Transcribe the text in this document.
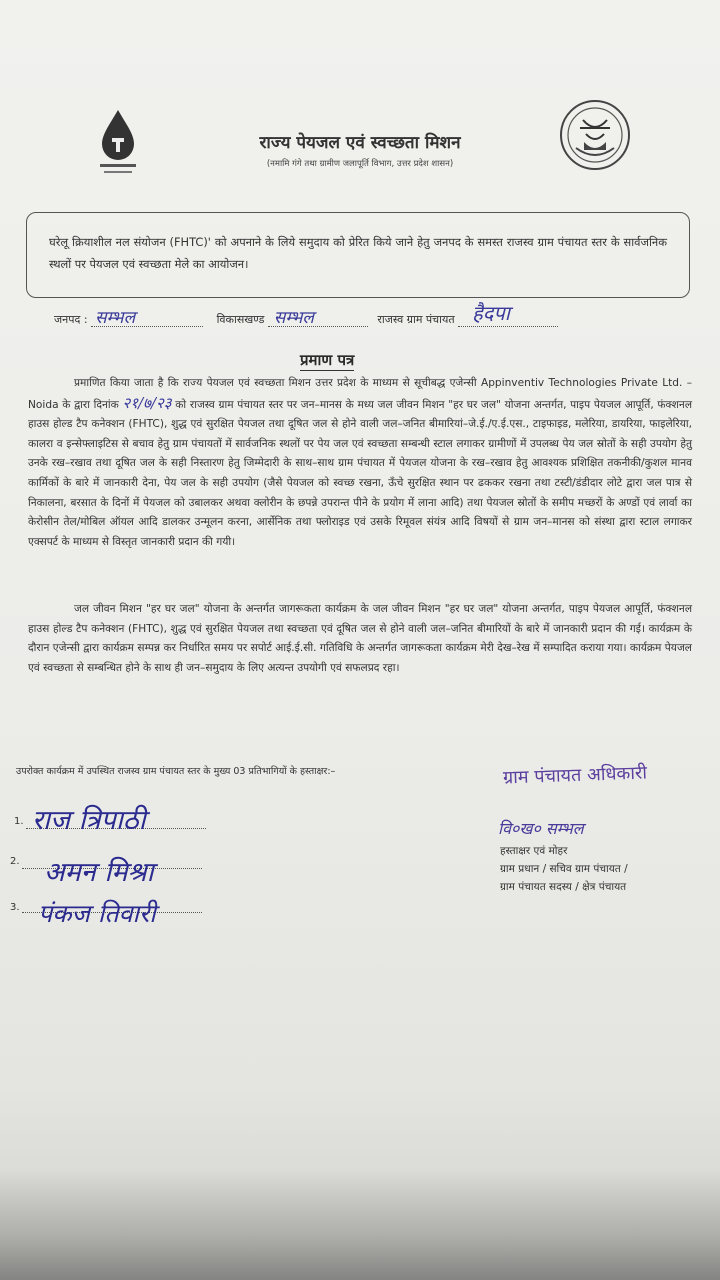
राज्य पेयजल एवं स्वच्छता मिशन
(नमामि गंगे तथा ग्रामीण जलापूर्ति विभाग, उत्तर प्रदेश शासन)
घरेलू क्रियाशील नल संयोजन (FHTC)' को अपनाने के लिये समुदाय को प्रेरित किये जाने हेतु जनपद के समस्त राजस्व ग्राम पंचायत स्तर के सार्वजनिक स्थलों पर पेयजल एवं स्वच्छता मेले का आयोजन।
जनपद : सम्भल	विकासखण्ड सम्भल	राजस्व ग्राम पंचायत हैदपा

प्रमाण पत्र
प्रमाणित किया जाता है कि राज्य पेयजल एवं स्वच्छता मिशन उत्तर प्रदेश के माध्यम से सूचीबद्ध एजेन्सी Appinventiv Technologies Private Ltd. – Noida के द्वारा दिनांक २१/७/२३ को राजस्व ग्राम पंचायत स्तर पर जन–मानस के मध्य जल जीवन मिशन "हर घर जल" योजना अन्तर्गत, पाइप पेयजल आपूर्ति, फंक्शनल हाउस होल्ड टैप कनेक्शन (FHTC), शुद्ध एवं सुरक्षित पेयजल तथा दूषित जल से होने वाली जल–जनित बीमारियां–जे.ई./ए.ई.एस., टाइफाइड, मलेरिया, डायरिया, फाइलेरिया, कालरा व इन्सेफ्लाइटिस से बचाव हेतु ग्राम पंचायतों में सार्वजनिक स्थलों पर पेय जल एवं स्वच्छता सम्बन्धी स्टाल लगाकर ग्रामीणों में उपलब्ध पेय जल स्रोतों के सही उपयोग हेतु उनके रख–रखाव तथा दूषित जल के सही निस्तारण हेतु जिम्मेदारी के साथ–साथ ग्राम पंचायत में पेयजल योजना के रख–रखाव हेतु आवश्यक प्रशिक्षित तकनीकी/कुशल मानव कार्मिकों के बारे में जानकारी देना, पेय जल के सही उपयोग (जैसे पेयजल को स्वच्छ रखना, ऊँचे सुरक्षित स्थान पर ढककर रखना तथा टस्टी/डंडीदार लोटे द्वारा जल पात्र से निकालना, बरसात के दिनों में पेयजल को उबालकर अथवा क्लोरीन के छपन्ने उपरान्त पीने के प्रयोग में लाना आदि) तथा पेयजल स्रोतों के समीप मच्छरों के अण्डों एवं लार्वा का केरोसीन तेल/मोबिल ऑयल आदि डालकर उन्मूलन करना, आर्सेनिक तथा फ्लोराइड एवं उसके रिमूवल संयंत्र आदि विषयों से ग्राम जन–मानस को संस्था द्वारा स्टाल लगाकर एक्सपर्ट के माध्यम से विस्तृत जानकारी प्रदान की गयी।
जल जीवन मिशन "हर घर जल" योजना के अन्तर्गत जागरूकता कार्यक्रम के जल जीवन मिशन "हर घर जल" योजना अन्तर्गत, पाइप पेयजल आपूर्ति, फंक्शनल हाउस होल्ड टैप कनेक्शन (FHTC), शुद्ध एवं सुरक्षित पेयजल तथा स्वच्छता एवं दूषित जल से होने वाली जल–जनित बीमारियों के बारे में जानकारी प्रदान की गई। कार्यक्रम के दौरान एजेन्सी द्वारा कार्यक्रम सम्पन्न कर निर्धारित समय पर सपोर्ट आई.ई.सी. गतिविधि के अन्तर्गत जागरूकता कार्यक्रम मेरी देख–रेख में सम्पादित कराया गया। कार्यक्रम पेयजल एवं स्वच्छता से सम्बन्धित होने के साथ ही जन–समुदाय के लिए अत्यन्त उपयोगी एवं सफलप्रद रहा।
उपरोक्त कार्यक्रम में उपस्थित राजस्व ग्राम पंचायत स्तर के मुख्य 03 प्रतिभागियों के हस्ताक्षर:–
1. राज त्रिपाठी
2. अमन मिश्रा
3. पंकज तिवारी
ग्राम पंचायत अधिकारी
वि०ख० सम्भल
हस्ताक्षर एवं मोहर
ग्राम प्रधान / सचिव ग्राम पंचायत /
ग्राम पंचायत सदस्य / क्षेत्र पंचायत
